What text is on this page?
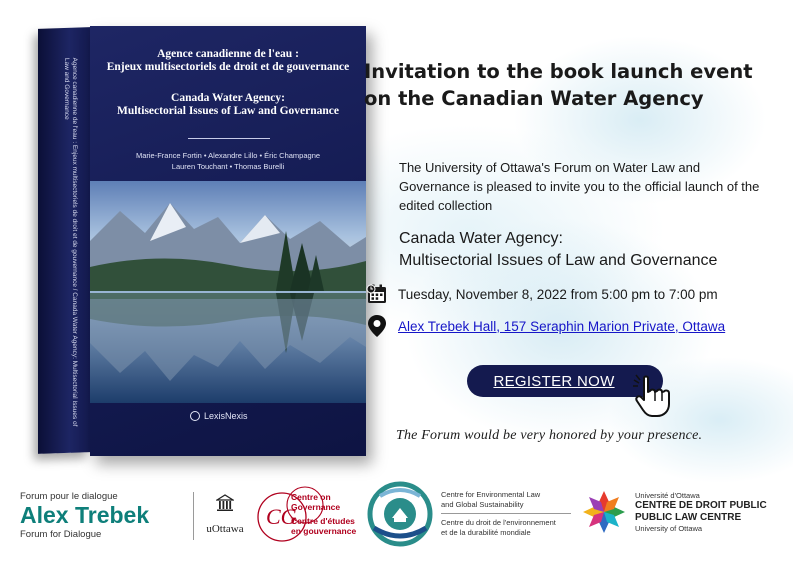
Agence canadienne de l'eau : Enjeux multisectoriels de droit et de gouvernance / Canada Water Agency: Multisectorial Issues of Law and Governance
Agence canadienne de l'eau :
Enjeux multisectoriels de droit et de gouvernance
Canada Water Agency:
Multisectorial Issues of Law and Governance
Marie-France Fortin • Alexandre Lillo • Éric Champagne
Lauren Touchant • Thomas Burelli
LexisNexis
Invitation to the book launch event
on the Canadian Water Agency
The University of Ottawa's Forum on Water Law and Governance is pleased to invite you to the official launch of the edited collection
Canada Water Agency:
Multisectorial Issues of Law and Governance
Tuesday, November 8, 2022 from 5:00 pm to 7:00 pm
Alex Trebek Hall, 157 Seraphin Marion Private, Ottawa
REGISTER NOW
The Forum would be very honored by your presence.
Forum pour le dialogue
Alex Trebek
Forum for Dialogue	uOttawa CG
Centre on
Governance
Centre d'études
en gouvernance
Centre for Environmental Law
and Global Sustainability
Centre du droit de l'environnement
et de la durabilité mondiale
Université d'Ottawa
CENTRE DE DROIT PUBLIC
PUBLIC LAW CENTRE
University of Ottawa
